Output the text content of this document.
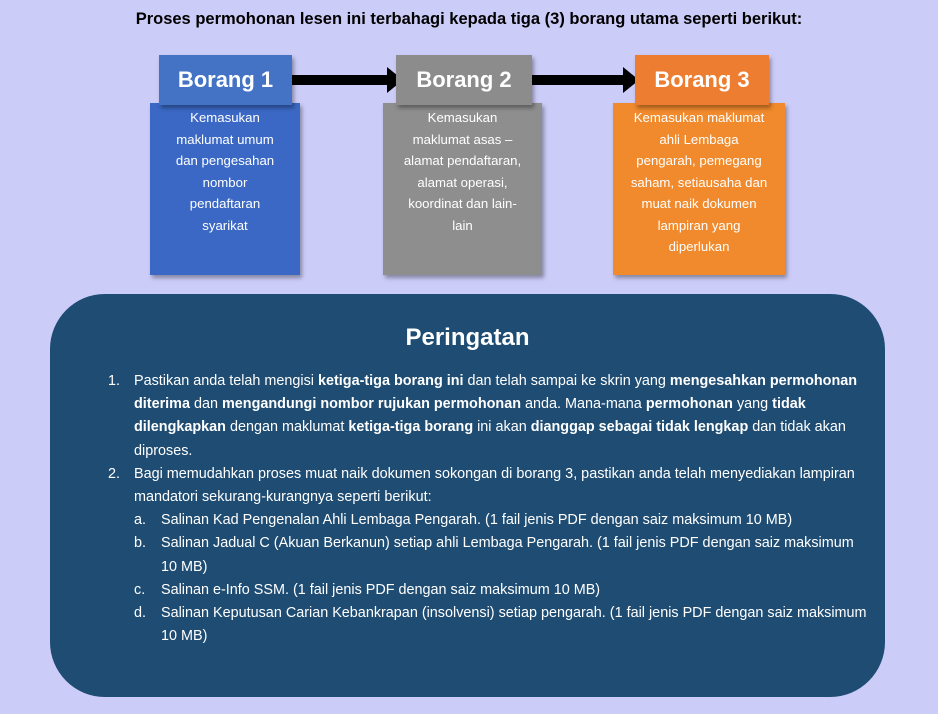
Proses permohonan lesen ini terbahagi kepada tiga (3) borang utama seperti berikut:
Kemasukan
maklumat umum
dan pengesahan
nombor
pendaftaran
syarikat
Borang 1
Kemasukan
maklumat asas –
alamat pendaftaran,
alamat operasi,
koordinat dan lain-
lain
Borang 2
Kemasukan maklumat
ahli Lembaga
pengarah, pemegang
saham, setiausaha dan
muat naik dokumen
lampiran yang
diperlukan
Borang 3
Peringatan
1. Pastikan anda telah mengisi ketiga-tiga borang ini dan telah sampai ke skrin yang mengesahkan permohonan diterima dan mengandungi nombor rujukan permohonan anda. Mana-mana permohonan yang tidak dilengkapkan dengan maklumat ketiga-tiga borang ini akan dianggap sebagai tidak lengkap dan tidak akan diproses.
2. Bagi memudahkan proses muat naik dokumen sokongan di borang 3, pastikan anda telah menyediakan lampiran mandatori sekurang-kurangnya seperti berikut:
a. Salinan Kad Pengenalan Ahli Lembaga Pengarah. (1 fail jenis PDF dengan saiz maksimum 10 MB)
b. Salinan Jadual C (Akuan Berkanun) setiap ahli Lembaga Pengarah. (1 fail jenis PDF dengan saiz maksimum 10 MB)
c. Salinan e-Info SSM. (1 fail jenis PDF dengan saiz maksimum 10 MB)
d. Salinan Keputusan Carian Kebankrapan (insolvensi) setiap pengarah. (1 fail jenis PDF dengan saiz maksimum 10 MB)
